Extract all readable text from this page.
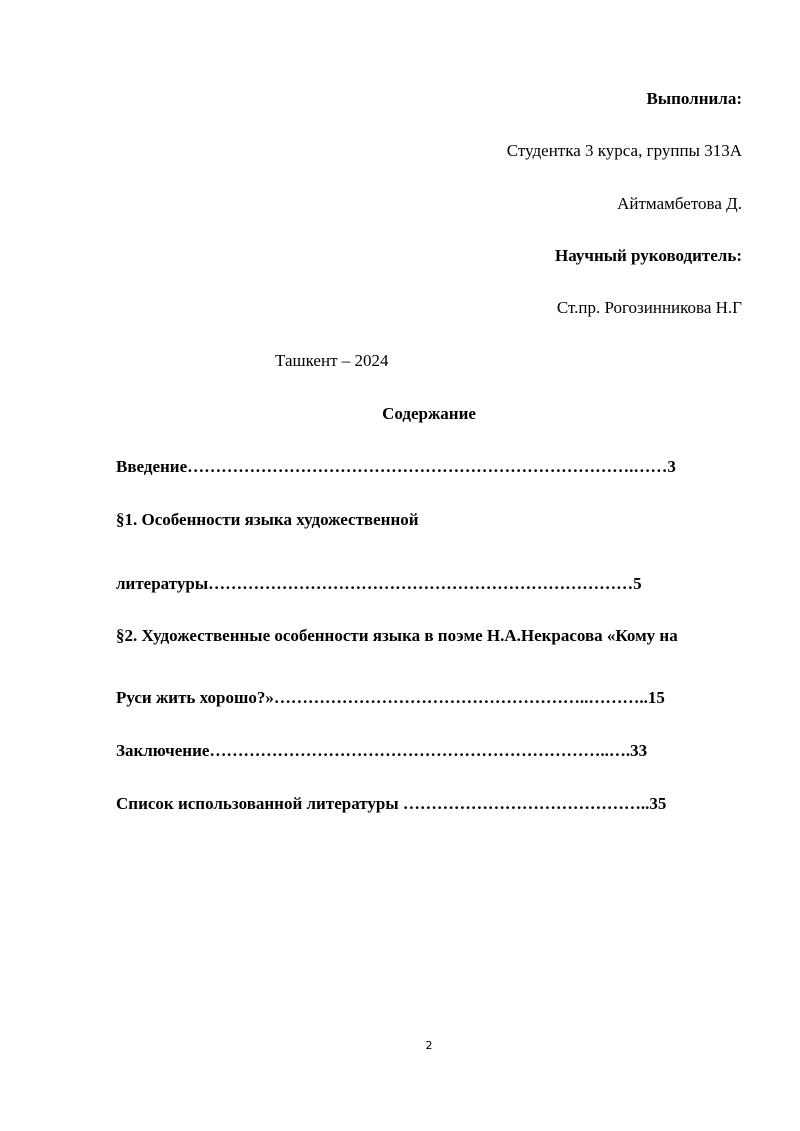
Выполнила:
Студентка 3 курса, группы 313А
Айтмамбетова Д.
Научный руководитель:
Ст.пр. Рогозинникова Н.Г
Ташкент – 2024
Содержание
Введение…………………………………………………………………….……3
§1. Особенности языка художественной
литературы…………………………………………………………………5
§2. Художественные особенности языка в поэме Н.А.Некрасова «Кому на
Руси жить хорошо?»………………………………………………..………..15
Заключение……………………………………………………………..….33
Список использованной литературы ……………………………………..35
2
